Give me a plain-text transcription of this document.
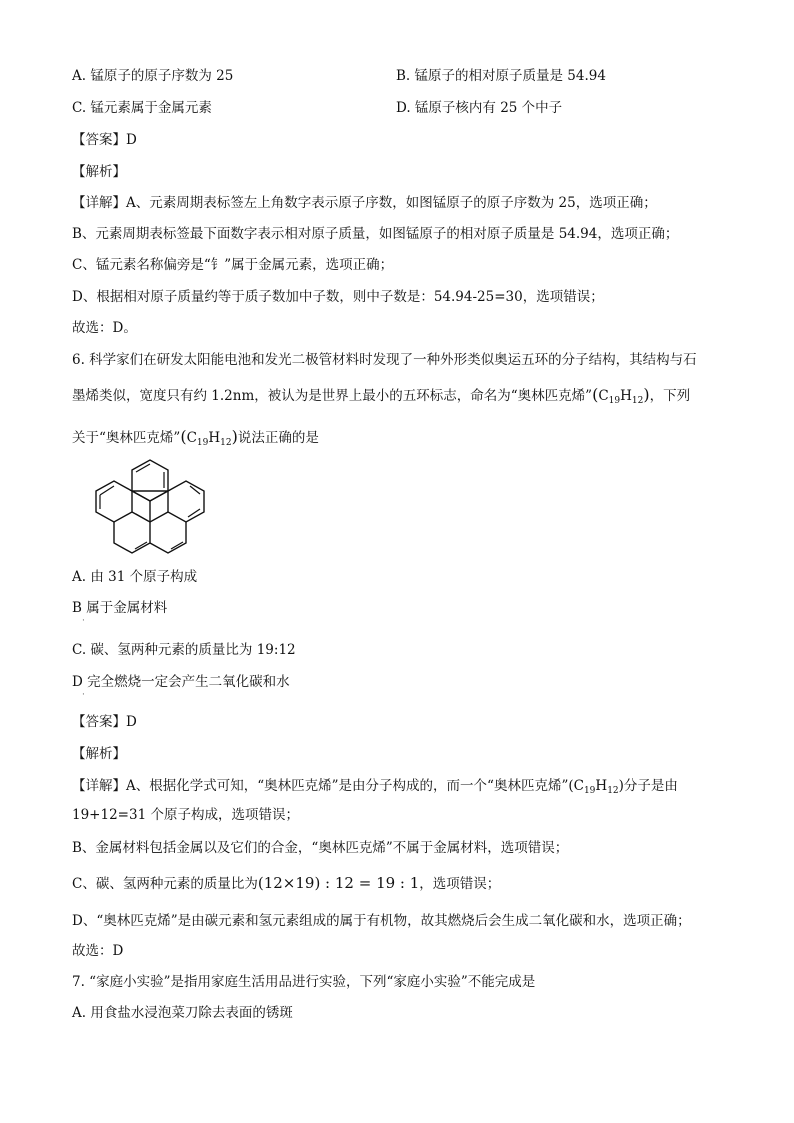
A. 锰原子的原子序数为 25	B. 锰原子的相对原子质量是 54.94
C. 锰元素属于金属元素	D. 锰原子核内有 25 个中子
【答案】D
【解析】
【详解】A、元素周期表标签左上角数字表示原子序数，如图锰原子的原子序数为 25，选项正确；
B、元素周期表标签最下面数字表示相对原子质量，如图锰原子的相对原子质量是 54.94，选项正确；
C、锰元素名称偏旁是“钅”属于金属元素，选项正确；
D、根据相对原子质量约等于质子数加中子数，则中子数是：54.94-25=30，选项错误；
故选：D。
6. 科学家们在研发太阳能电池和发光二极管材料时发现了一种外形类似奥运五环的分子结构，其结构与石
墨烯类似，宽度只有约 1.2nm，被认为是世界上最小的五环标志，命名为“奥林匹克烯$”(C_{19}H_{12})$，下列
关于“奥林匹克烯$”(C_{19}H_{12})$说法正确的是
A. 由 31 个原子构成
B 属于金属材料
·
C. 碳、氢两种元素的质量比为 19:12
D 完全燃烧一定会产生二氧化碳和水
·
【答案】D
【解析】
【详解】A、根据化学式可知，“奥林匹克烯”是由分子构成的，而一个“奥林匹克烯$”(C_{19}H_{12})$分子是由
19+12=31 个原子构成，选项错误；
B、金属材料包括金属以及它们的合金，“奥林匹克烯”不属于金属材料，选项错误；
C、碳、氢两种元素的质量比为(12×19) : 12 = 19 : 1，选项错误；
D、“奥林匹克烯”是由碳元素和氢元素组成的属于有机物，故其燃烧后会生成二氧化碳和水，选项正确；
故选：D
7. “家庭小实验”是指用家庭生活用品进行实验，下列“家庭小实验”不能完成是
A. 用食盐水浸泡菜刀除去表面的锈斑
